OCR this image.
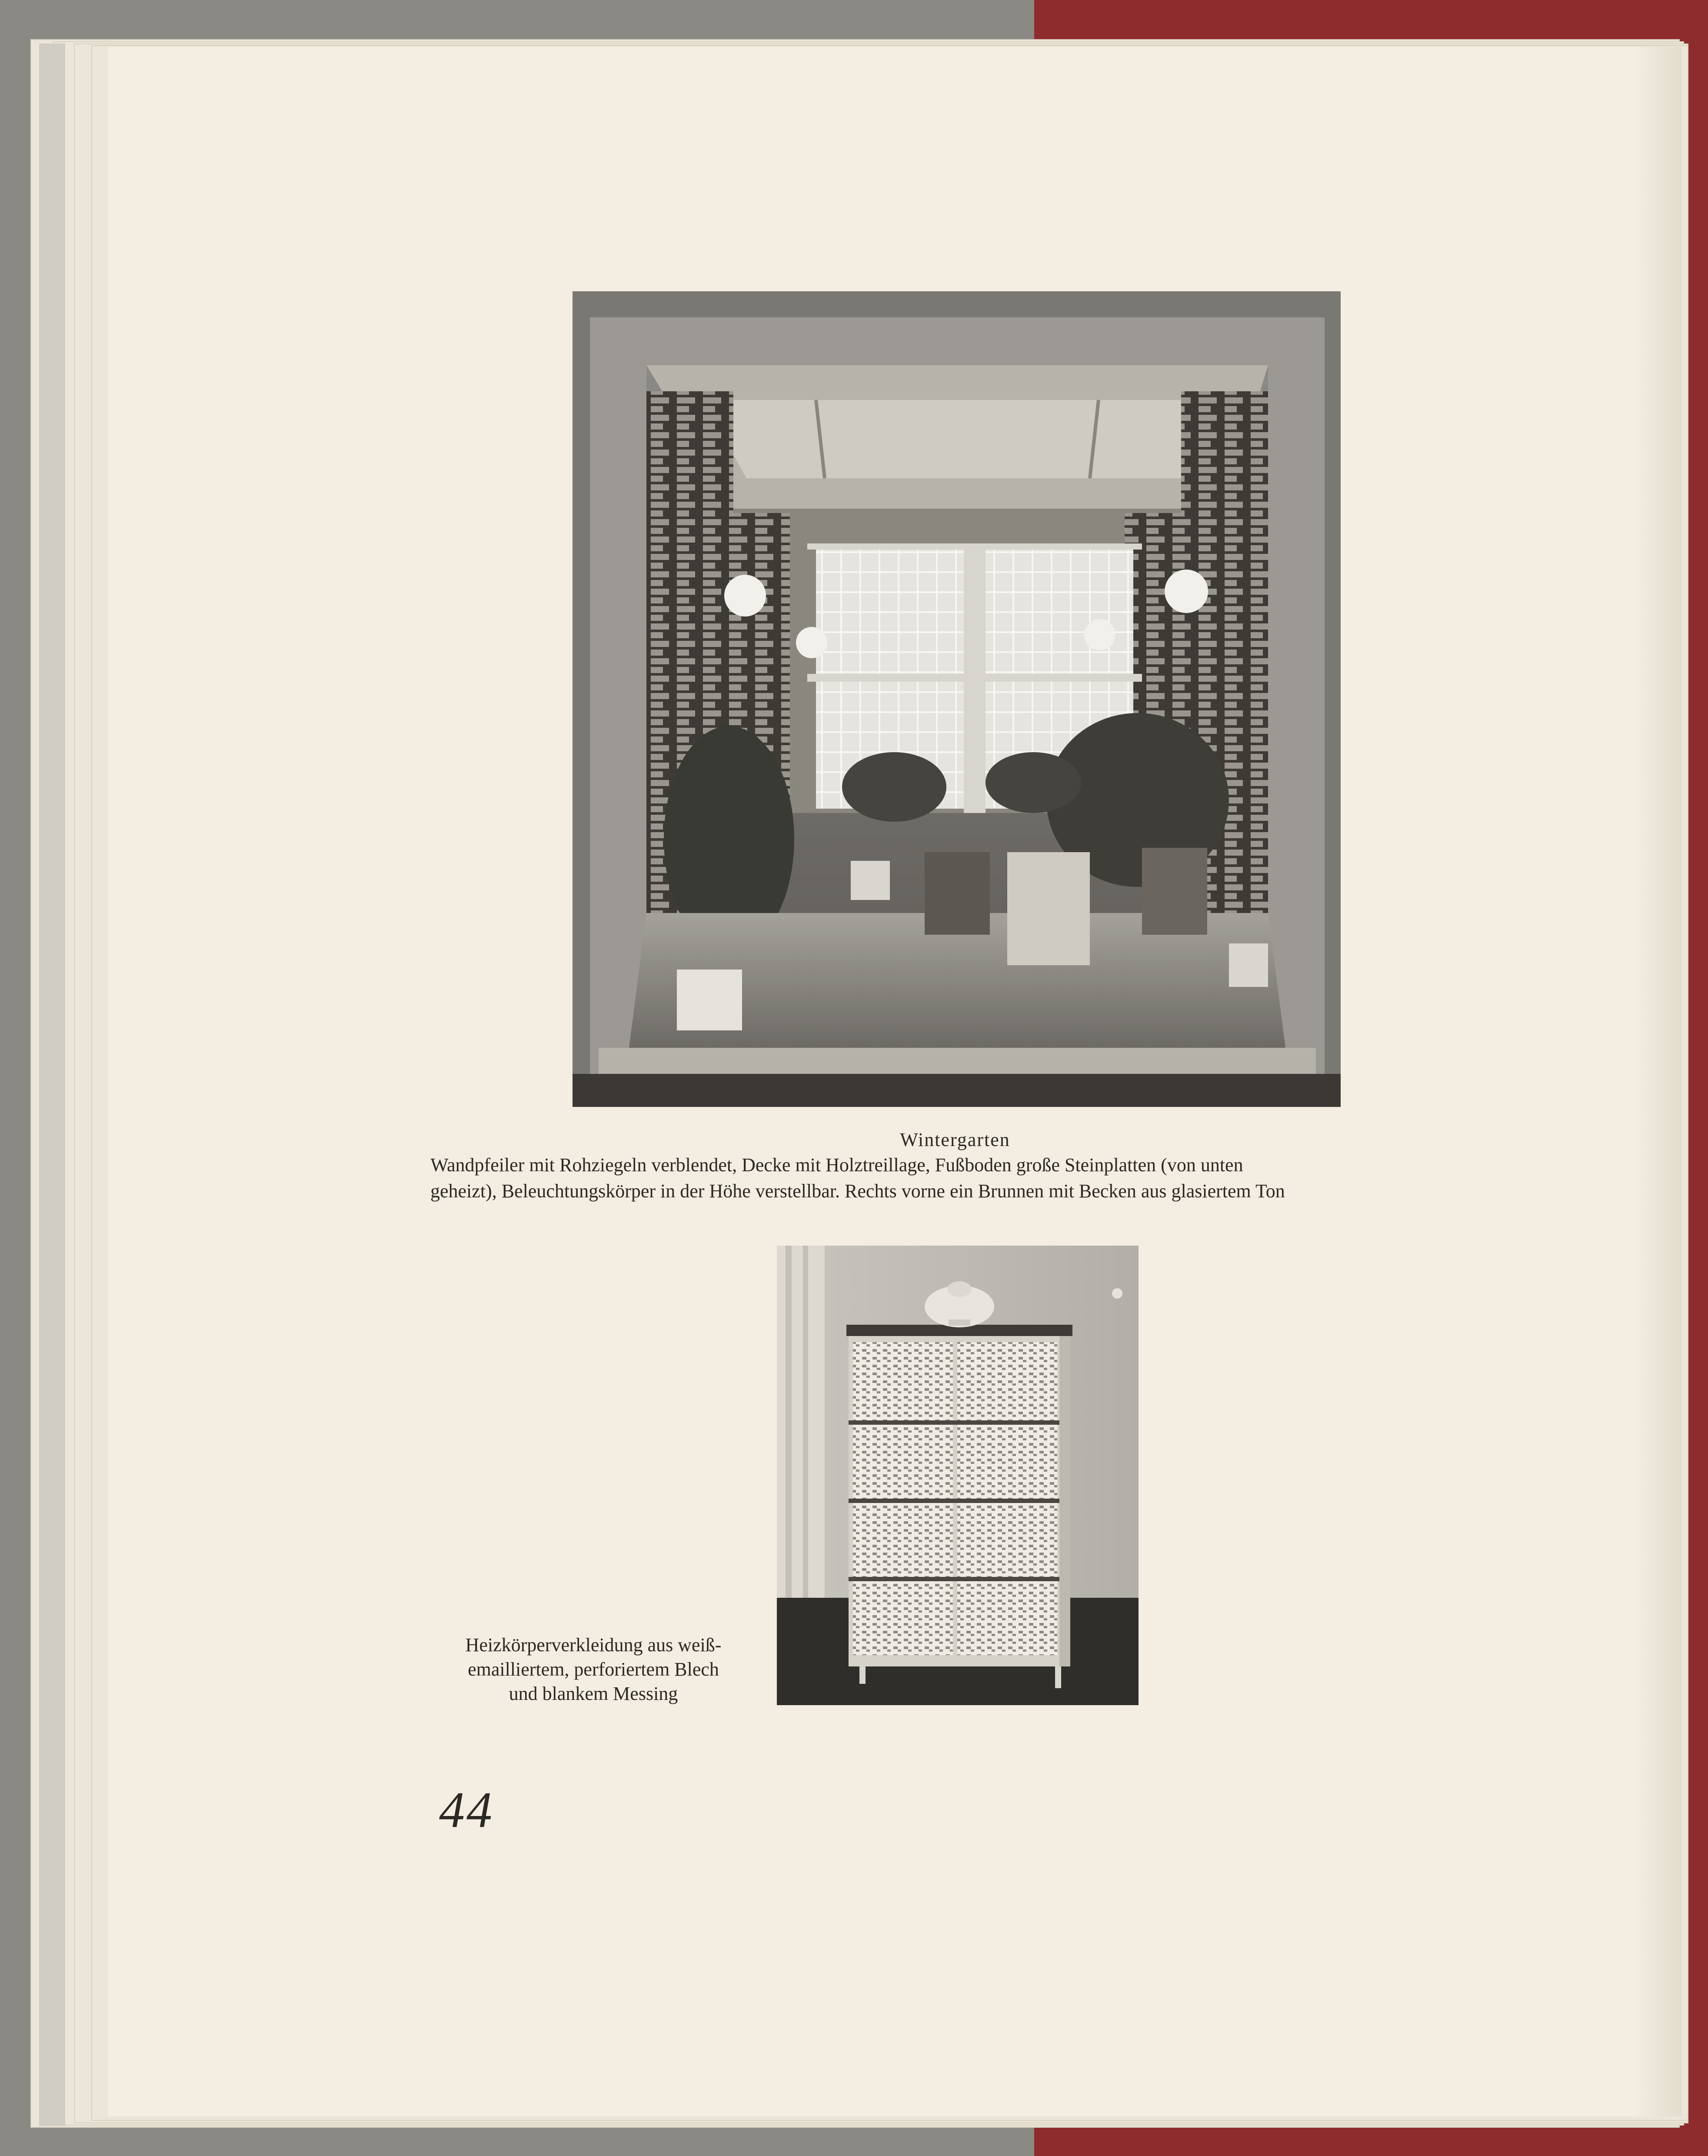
Wintergarten
Wandpfeiler mit Rohziegeln verblendet, Decke mit Holztreillage, Fußboden große Steinplatten (von unten
geheizt), Beleuchtungskörper in der Höhe verstellbar. Rechts vorne ein Brunnen mit Becken aus glasiertem Ton
Heizkörperverkleidung aus weiß-
emailliertem, perforiertem Blech
und blankem Messing
44
